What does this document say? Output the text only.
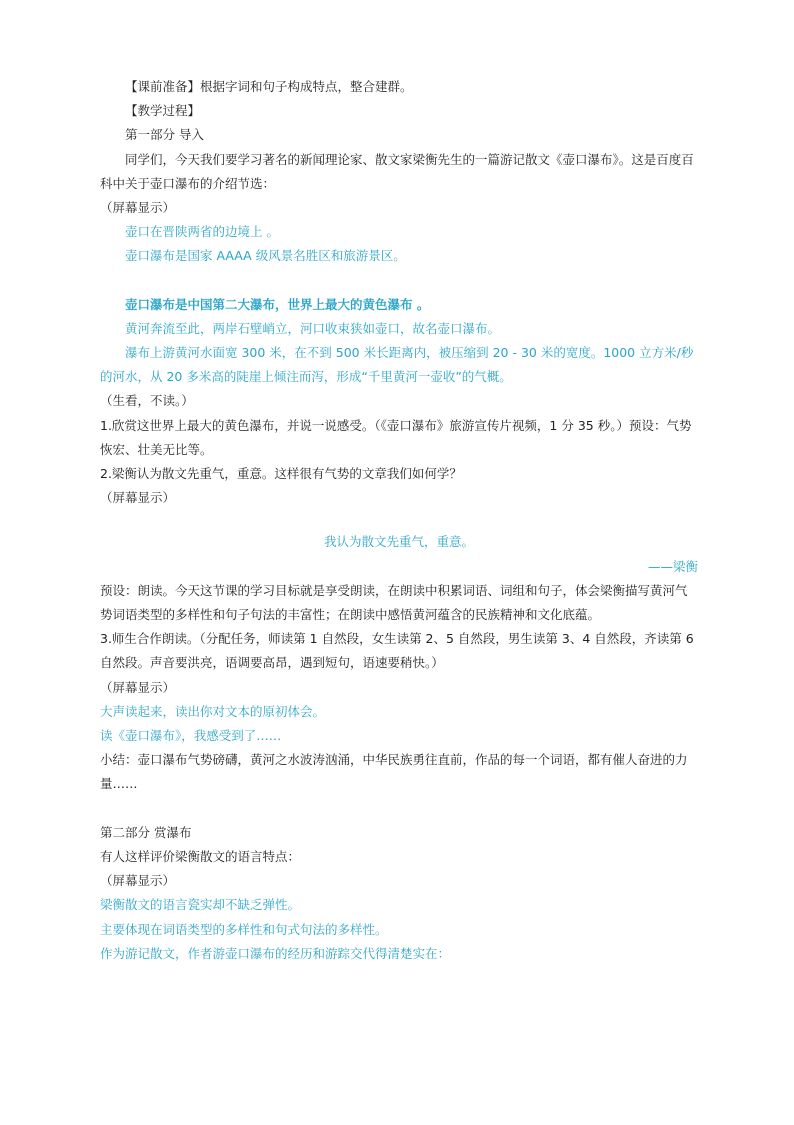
【课前准备】根据字词和句子构成特点，整合建群。

【教学过程】

第一部分 导入

同学们，今天我们要学习著名的新闻理论家、散文家梁衡先生的一篇游记散文《壶口瀑布》。这是百度百科中关于壶口瀑布的介绍节选：

（屏幕显示）

壶口在晋陕两省的边境上 。

壶口瀑布是国家 AAAA 级风景名胜区和旅游景区。

壶口瀑布是中国第二大瀑布，世界上最大的黄色瀑布 。

黄河奔流至此，两岸石壁峭立，河口收束狭如壶口，故名壶口瀑布。

瀑布上游黄河水面宽 300 米，在不到 500 米长距离内，被压缩到 20 - 30 米的宽度。1000 立方米/秒的河水，从 20 多米高的陡崖上倾注而泻，形成“千里黄河一壶收”的气概。

（生看，不读。）

1.欣赏这世界上最大的黄色瀑布，并说一说感受。（《壶口瀑布》旅游宣传片视频，1 分 35 秒。）预设：气势恢宏、壮美无比等。

2.梁衡认为散文先重气，重意。这样很有气势的文章我们如何学？

（屏幕显示）

我认为散文先重气，重意。

——梁衡

预设：朗读。今天这节课的学习目标就是享受朗读，在朗读中积累词语、词组和句子，体会梁衡描写黄河气势词语类型的多样性和句子句法的丰富性；在朗读中感悟黄河蕴含的民族精神和文化底蕴。

3.师生合作朗读。（分配任务，师读第 1 自然段，女生读第 2、5 自然段，男生读第 3、4 自然段，齐读第 6 自然段。声音要洪亮，语调要高昂，遇到短句，语速要稍快。）

（屏幕显示）

大声读起来，读出你对文本的原初体会。

读《壶口瀑布》，我感受到了……

小结：壶口瀑布气势磅礴，黄河之水波涛汹涌，中华民族勇往直前，作品的每一个词语，都有催人奋进的力量……

第二部分 赏瀑布

有人这样评价梁衡散文的语言特点：

（屏幕显示）

梁衡散文的语言瓷实却不缺乏弹性。

主要体现在词语类型的多样性和句式句法的多样性。

作为游记散文，作者游壶口瀑布的经历和游踪交代得清楚实在：
